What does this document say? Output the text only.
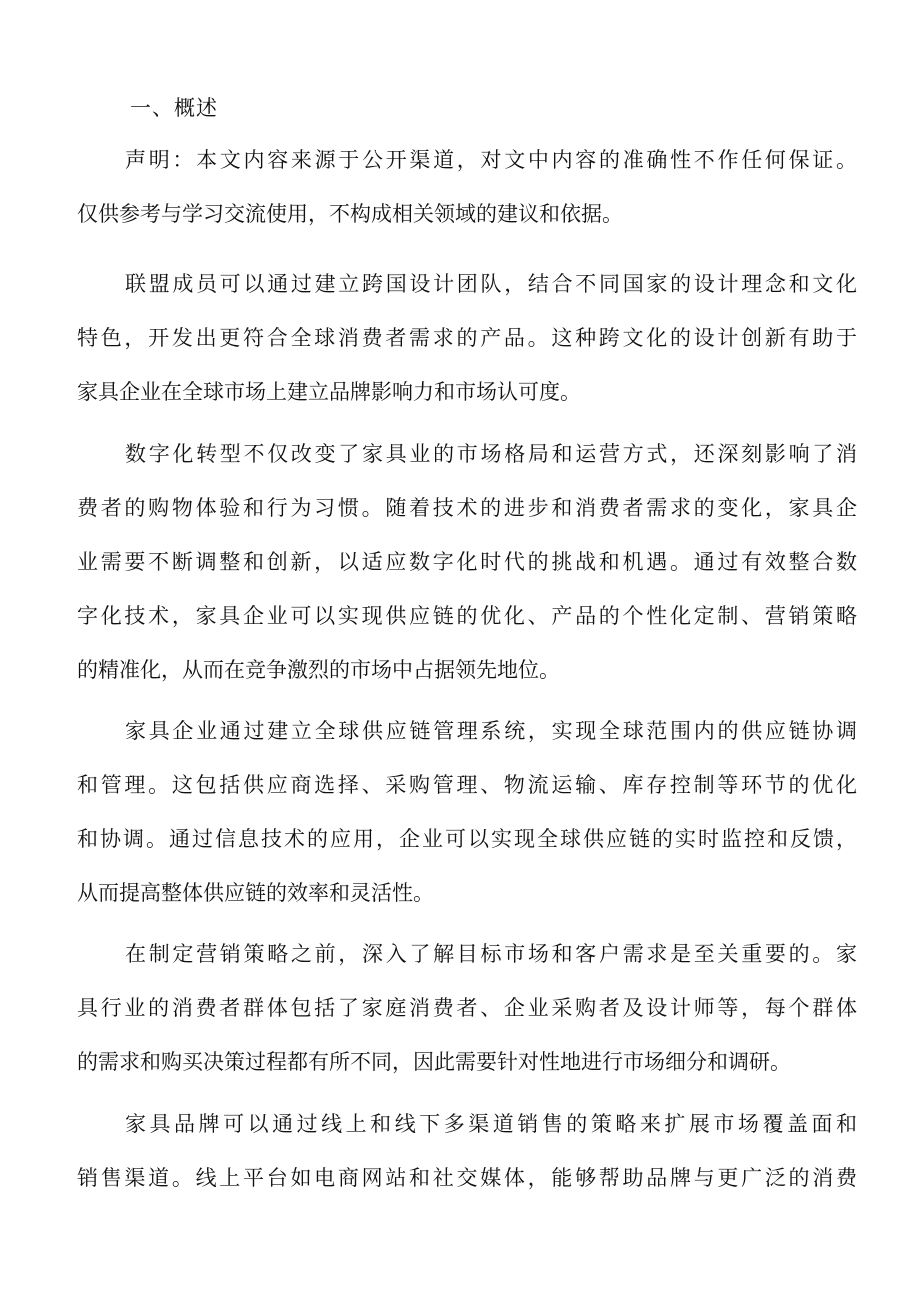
一、概述
声明：本文内容来源于公开渠道，对文中内容的准确性不作任何保证。
仅供参考与学习交流使用，不构成相关领域的建议和依据。
联盟成员可以通过建立跨国设计团队，结合不同国家的设计理念和文化
特色，开发出更符合全球消费者需求的产品。这种跨文化的设计创新有助于
家具企业在全球市场上建立品牌影响力和市场认可度。
数字化转型不仅改变了家具业的市场格局和运营方式，还深刻影响了消
费者的购物体验和行为习惯。随着技术的进步和消费者需求的变化，家具企
业需要不断调整和创新，以适应数字化时代的挑战和机遇。通过有效整合数
字化技术，家具企业可以实现供应链的优化、产品的个性化定制、营销策略
的精准化，从而在竞争激烈的市场中占据领先地位。
家具企业通过建立全球供应链管理系统，实现全球范围内的供应链协调
和管理。这包括供应商选择、采购管理、物流运输、库存控制等环节的优化
和协调。通过信息技术的应用，企业可以实现全球供应链的实时监控和反馈，
从而提高整体供应链的效率和灵活性。
在制定营销策略之前，深入了解目标市场和客户需求是至关重要的。家
具行业的消费者群体包括了家庭消费者、企业采购者及设计师等，每个群体
的需求和购买决策过程都有所不同，因此需要针对性地进行市场细分和调研。
家具品牌可以通过线上和线下多渠道销售的策略来扩展市场覆盖面和
销售渠道。线上平台如电商网站和社交媒体，能够帮助品牌与更广泛的消费
